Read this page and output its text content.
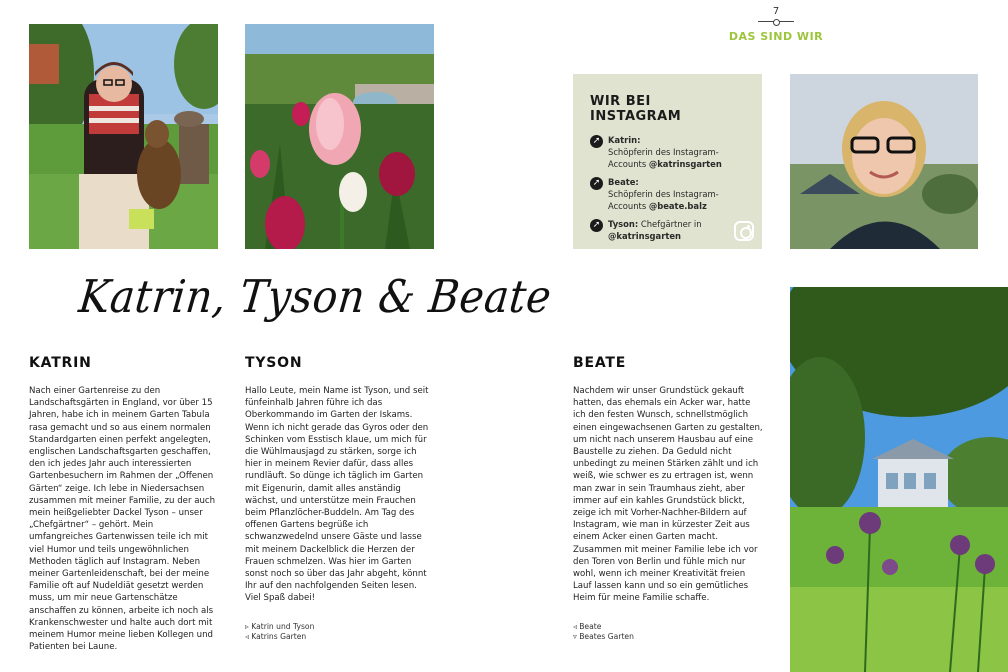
7
DAS SIND WIR
WIR BEI INSTAGRAM
➚ Katrin:
Schöpferin des Instagram-Accounts @katrinsgarten
➚ Beate:
Schöpferin des Instagram-Accounts @beate.balz
➚ Tyson: Chefgärtner in
@katrinsgarten
Katrin, Tyson & Beate
KATRIN

Nach einer Gartenreise zu den Landschaftsgärten in England, vor über 15 Jahren, habe ich in meinem Garten Tabula rasa gemacht und so aus einem normalen Standardgarten einen perfekt angelegten, englischen Landschaftsgarten geschaffen, den ich jedes Jahr auch interessierten Gartenbesuchern im Rahmen der „Offenen Gärten“ zeige. Ich lebe in Niedersachsen zusammen mit meiner Familie, zu der auch mein heißgeliebter Dackel Tyson – unser „Chefgärtner“ – gehört. Mein umfangreiches Gartenwissen teile ich mit viel Humor und teils ungewöhnlichen Methoden täglich auf Instagram. Neben meiner Gartenleidenschaft, bei der meine Familie oft auf Nudeldiät gesetzt werden muss, um mir neue Gartenschätze anschaffen zu können, arbeite ich noch als Krankenschwester und halte auch dort mit meinem Humor meine lieben Kollegen und Patienten bei Laune.

TYSON

Hallo Leute, mein Name ist Tyson, und seit fünfeinhalb Jahren führe ich das Oberkommando im Garten der Iskams. Wenn ich nicht gerade das Gyros oder den Schinken vom Esstisch klaue, um mich für die Wühlmausjagd zu stärken, sorge ich hier in meinem Revier dafür, dass alles rundläuft. So dünge ich täglich im Garten mit Eigenurin, damit alles anständig wächst, und unterstütze mein Frauchen beim Pflanzlöcher-Buddeln. Am Tag des offenen Gartens begrüße ich schwanzwedelnd unsere Gäste und lasse mit meinem Dackelblick die Herzen der Frauen schmelzen. Was hier im Garten sonst noch so über das Jahr abgeht, könnt Ihr auf den nachfolgenden Seiten lesen. Viel Spaß dabei!

BEATE

Nachdem wir unser Grundstück gekauft hatten, das ehemals ein Acker war, hatte ich den festen Wunsch, schnellstmöglich einen eingewachsenen Garten zu gestalten, um nicht nach unserem Hausbau auf eine Baustelle zu ziehen. Da Geduld nicht unbedingt zu meinen Stärken zählt und ich weiß, wie schwer es zu ertragen ist, wenn man zwar in sein Traumhaus zieht, aber immer auf ein kahles Grundstück blickt, zeige ich mit Vorher-Nachher-Bildern auf Instagram, wie man in kürzester Zeit aus einem Acker einen Garten macht. Zusammen mit meiner Familie lebe ich vor den Toren von Berlin und fühle mich nur wohl, wenn ich meiner Kreativität freien Lauf lassen kann und so ein gemütliches Heim für meine Familie schaffe.

▹ Katrin und Tyson
◃ Katrins Garten
◃ Beate
▿ Beates Garten
